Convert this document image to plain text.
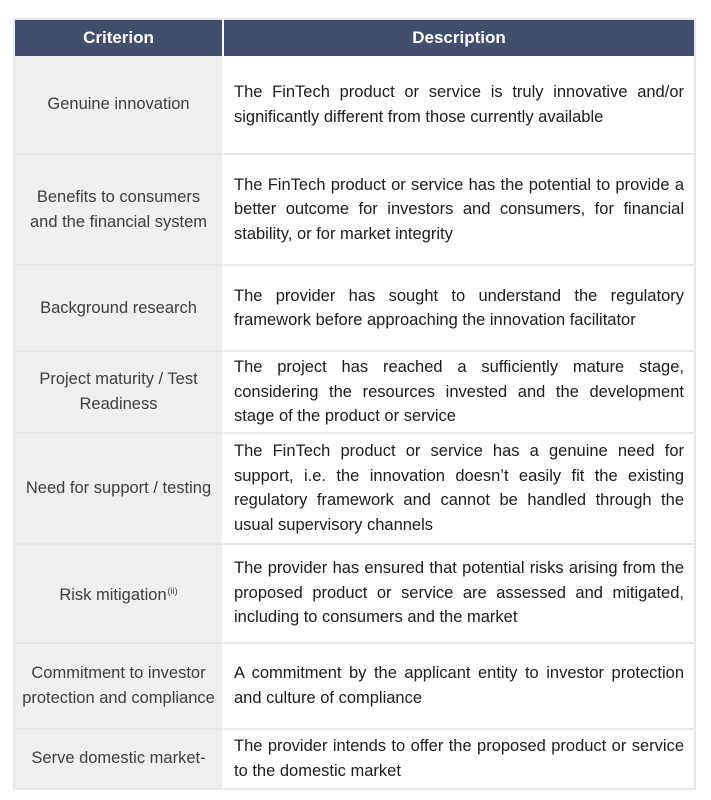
Criterion	Description
Genuine innovation	The FinTech product or service is truly innovative and/or significantly different from those currently available
Benefits to consumers and the financial system	The FinTech product or service has the potential to provide a better outcome for investors and consumers, for financial stability, or for market integrity
Background research	The provider has sought to understand the regulatory framework before approaching the innovation facilitator
Project maturity / Test Readiness	The project has reached a sufficiently mature stage, considering the resources invested and the development stage of the product or service
Need for support / testing	The FinTech product or service has a genuine need for support, i.e. the innovation doesn’t easily fit the existing regulatory framework and cannot be handled through the usual supervisory channels
Risk mitigation$^{(ii)}$	The provider has ensured that potential risks arising from the proposed product or service are assessed and mitigated, including to consumers and the market
Commitment to investor protection and compliance	A commitment by the applicant entity to investor protection and culture of compliance
Serve domestic market-	The provider intends to offer the proposed product or service to the domestic market
